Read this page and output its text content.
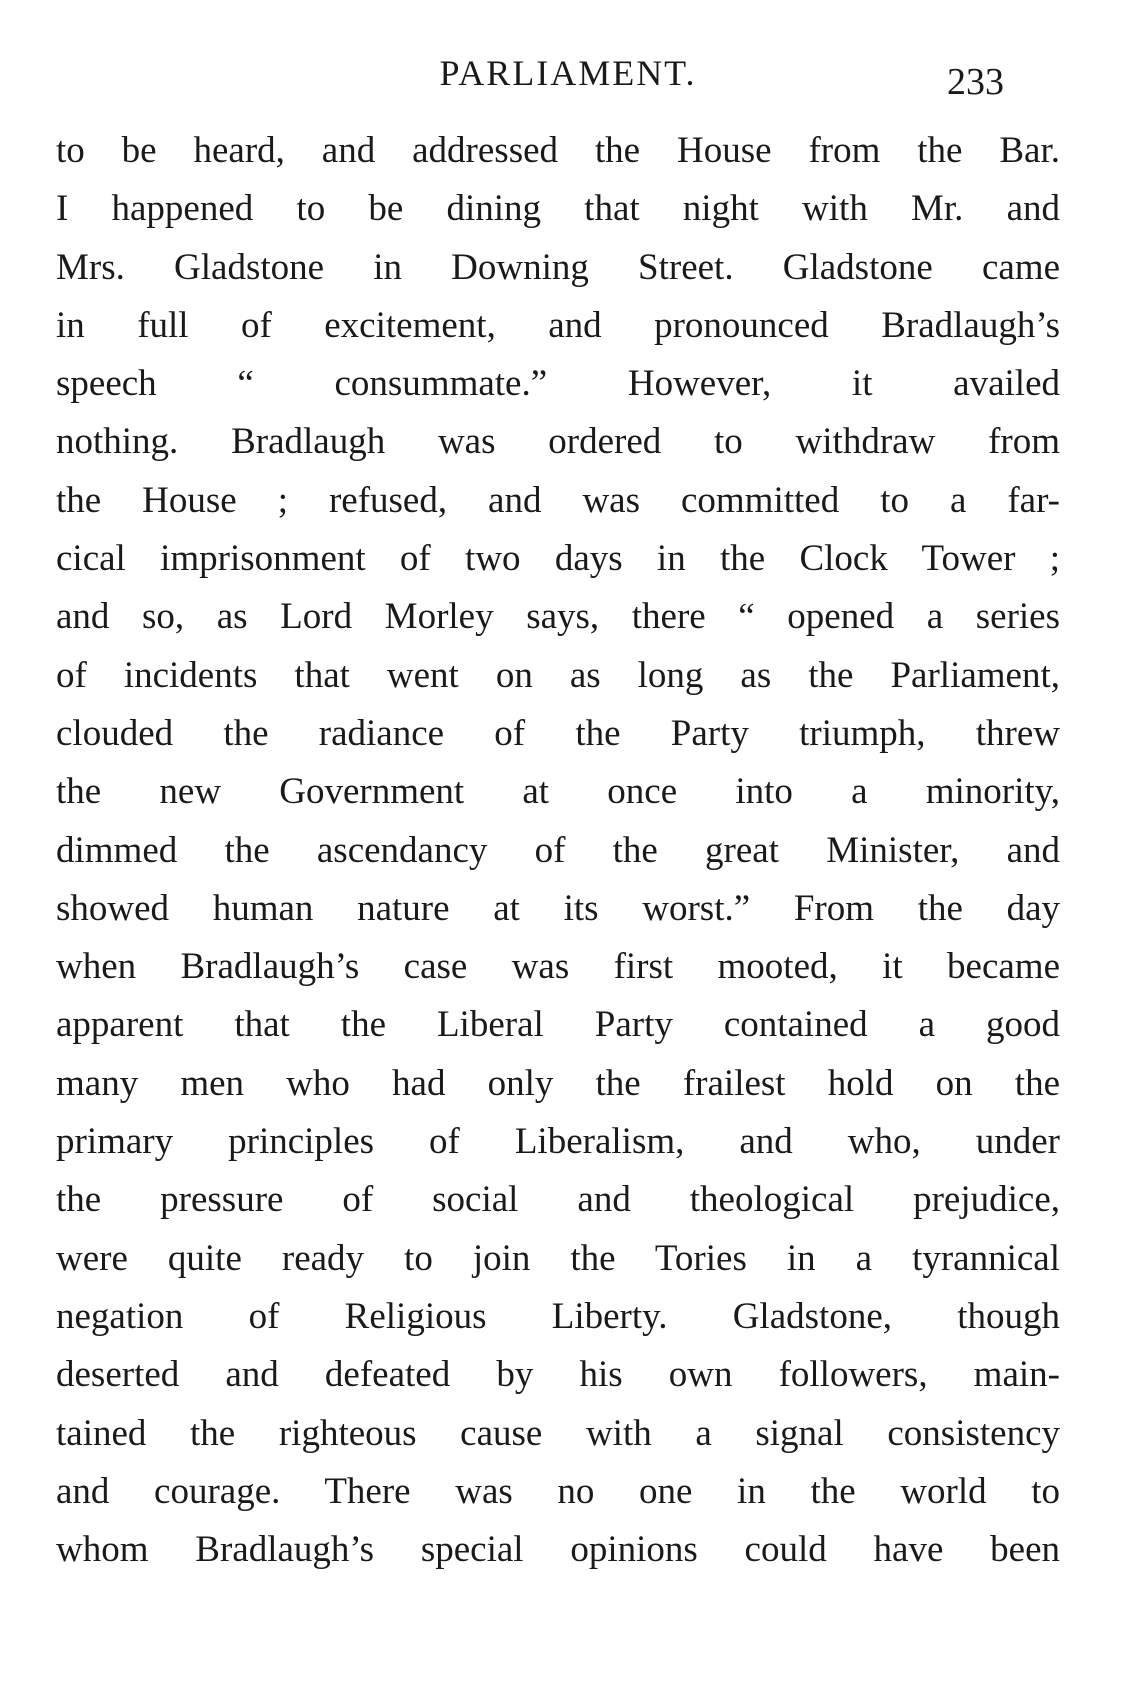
PARLIAMENT.	233
to be heard, and addressed the House from the Bar.
I happened to be dining that night with Mr. and
Mrs. Gladstone in Downing Street. Gladstone came
in full of excitement, and pronounced Bradlaugh’s
speech “ consummate.” However, it availed
nothing. Bradlaugh was ordered to withdraw from
the House ; refused, and was committed to a far-
cical imprisonment of two days in the Clock Tower ;
and so, as Lord Morley says, there “ opened a series
of incidents that went on as long as the Parliament,
clouded the radiance of the Party triumph, threw
the new Government at once into a minority,
dimmed the ascendancy of the great Minister, and
showed human nature at its worst.” From the day
when Bradlaugh’s case was first mooted, it became
apparent that the Liberal Party contained a good
many men who had only the frailest hold on the
primary principles of Liberalism, and who, under
the pressure of social and theological prejudice,
were quite ready to join the Tories in a tyrannical
negation of Religious Liberty. Gladstone, though
deserted and defeated by his own followers, main-
tained the righteous cause with a signal consistency
and courage. There was no one in the world to
whom Bradlaugh’s special opinions could have been
